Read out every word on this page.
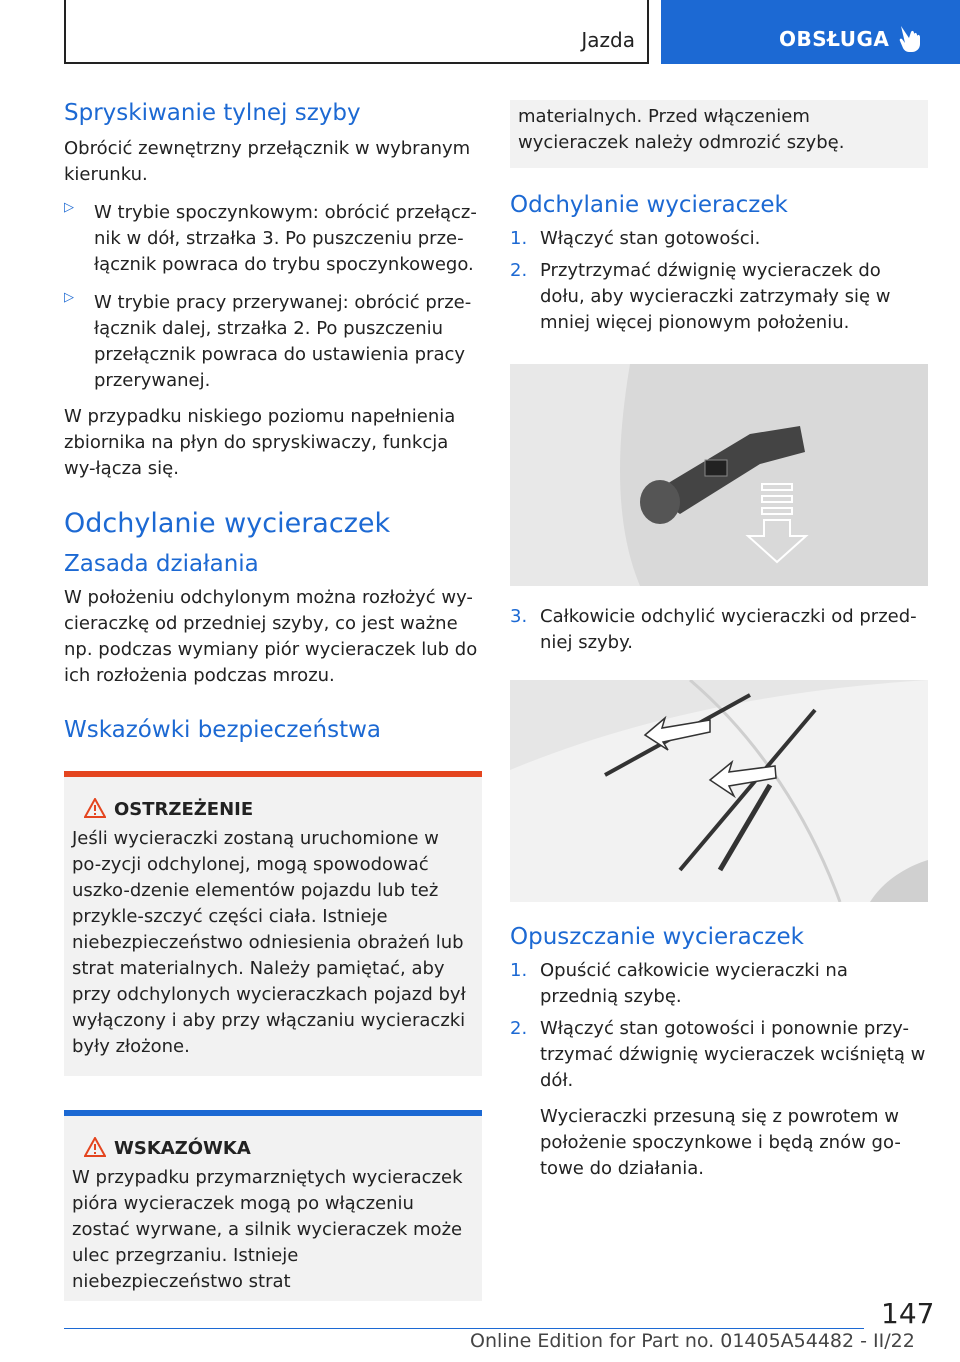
Jazda	OBSŁUGA
Spryskiwanie tylnej szyby

Obrócić zewnętrzny przełącznik w wybranym kierunku.

▷ W trybie spoczynkowym: obrócić przełącz-nik w dół, strzałka 3. Po puszczeniu prze-łącznik powraca do trybu spoczynkowego.

▷ W trybie pracy przerywanej: obrócić prze-łącznik dalej, strzałka 2. Po puszczeniu przełącznik powraca do ustawienia pracy przerywanej.

W przypadku niskiego poziomu napełnienia zbiornika na płyn do spryskiwaczy, funkcja wy-łącza się.

Odchylanie wycieraczek
Zasada działania

W położeniu odchylonym można rozłożyć wy-cieraczkę od przedniej szyby, co jest ważne np. podczas wymiany piór wycieraczek lub do ich rozłożenia podczas mrozu.

Wskazówki bezpieczeństwa
OSTRZEŻENIE

Jeśli wycieraczki zostaną uruchomione w po-zycji odchylonej, mogą spowodować uszko-dzenie elementów pojazdu lub też przykle-szczyć części ciała. Istnieje niebezpieczeństwo odniesienia obrażeń lub strat materialnych. Należy pamiętać, aby przy odchylonych wycieraczkach pojazd był wyłączony i aby przy włączaniu wycieraczki były złożone.

WSKAZÓWKA

W przypadku przymarzniętych wycieraczek pióra wycieraczek mogą po włączeniu zostać wyrwane, a silnik wycieraczek może ulec przegrzaniu. Istnieje niebezpieczeństwo strat

materialnych. Przed włączeniem wycieraczek należy odmrozić szybę.

Odchylanie wycieraczek
1. Włączyć stan gotowości.

2. Przytrzymać dźwignię wycieraczek do dołu, aby wycieraczki zatrzymały się w mniej więcej pionowym położeniu.

3. Całkowicie odchylić wycieraczki od przed-niej szyby.

Opuszczanie wycieraczek
1. Opuścić całkowicie wycieraczki na przednią szybę.

2. Włączyć stan gotowości i ponownie przy-trzymać dźwignię wycieraczek wciśniętą w dół.

Wycieraczki przesuną się z powrotem w położenie spoczynkowe i będą znów go-towe do działania.

147
Online Edition for Part no. 01405A54482 - II/22
